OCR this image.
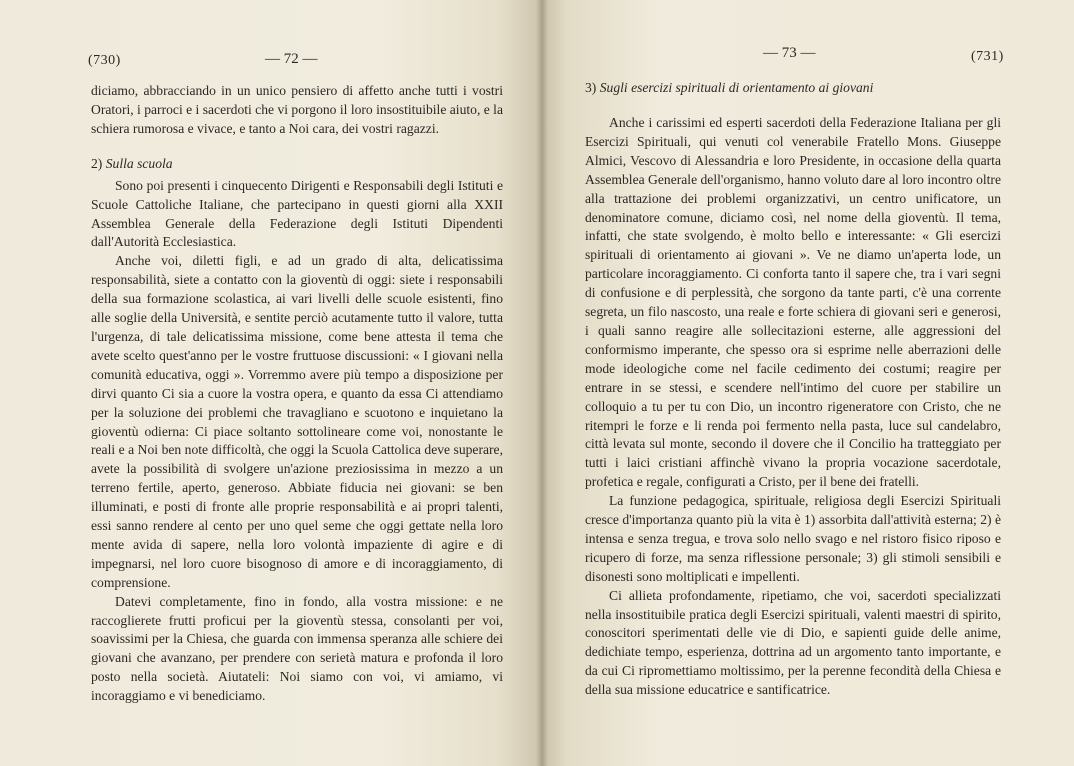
(730)	— 72 —

diciamo, abbracciando in un unico pensiero di affetto anche tutti i vostri Oratori, i parroci e i sacerdoti che vi porgono il loro insostituibile aiuto, e la schiera rumorosa e vivace, e tanto a Noi cara, dei vostri ragazzi.

2) Sulla scuola

Sono poi presenti i cinquecento Dirigenti e Responsabili degli Istituti e Scuole Cattoliche Italiane, che partecipano in questi giorni alla XXII Assemblea Generale della Federazione degli Istituti Dipendenti dall'Autorità Ecclesiastica.

Anche voi, diletti figli, e ad un grado di alta, delicatissima responsabilità, siete a contatto con la gioventù di oggi: siete i responsabili della sua formazione scolastica, ai vari livelli delle scuole esistenti, fino alle soglie della Università, e sentite perciò acutamente tutto il valore, tutta l'urgenza, di tale delicatissima missione, come bene attesta il tema che avete scelto quest'anno per le vostre fruttuose discussioni: « I giovani nella comunità educativa, oggi ». Vorremmo avere più tempo a disposizione per dirvi quanto Ci sia a cuore la vostra opera, e quanto da essa Ci attendiamo per la soluzione dei problemi che travagliano e scuotono e inquietano la gioventù odierna: Ci piace soltanto sottolineare come voi, nonostante le reali e a Noi ben note difficoltà, che oggi la Scuola Cattolica deve superare, avete la possibilità di svolgere un'azione preziosissima in mezzo a un terreno fertile, aperto, generoso. Abbiate fiducia nei giovani: se ben illuminati, e posti di fronte alle proprie responsabilità e ai propri talenti, essi sanno rendere al cento per uno quel seme che oggi gettate nella loro mente avida di sapere, nella loro volontà impaziente di agire e di impegnarsi, nel loro cuore bisognoso di amore e di incoraggiamento, di comprensione.

Datevi completamente, fino in fondo, alla vostra missione: e ne raccoglierete frutti proficui per la gioventù stessa, consolanti per voi, soavissimi per la Chiesa, che guarda con immensa speranza alle schiere dei giovani che avanzano, per prendere con serietà matura e profonda il loro posto nella società. Aiutateli: Noi siamo con voi, vi amiamo, vi incoraggiamo e vi benediciamo.

— 73 —	(731)

3) Sugli esercizi spirituali di orientamento ai giovani

Anche i carissimi ed esperti sacerdoti della Federazione Italiana per gli Esercizi Spirituali, qui venuti col venerabile Fratello Mons. Giuseppe Almici, Vescovo di Alessandria e loro Presidente, in occasione della quarta Assemblea Generale dell'organismo, hanno voluto dare al loro incontro oltre alla trattazione dei problemi organizzativi, un centro unificatore, un denominatore comune, diciamo così, nel nome della gioventù. Il tema, infatti, che state svolgendo, è molto bello e interessante: « Gli esercizi spirituali di orientamento ai giovani ». Ve ne diamo un'aperta lode, un particolare incoraggiamento. Ci conforta tanto il sapere che, tra i vari segni di confusione e di perplessità, che sorgono da tante parti, c'è una corrente segreta, un filo nascosto, una reale e forte schiera di giovani seri e generosi, i quali sanno reagire alle sollecitazioni esterne, alle aggressioni del conformismo imperante, che spesso ora si esprime nelle aberrazioni delle mode ideologiche come nel facile cedimento dei costumi; reagire per entrare in se stessi, e scendere nell'intimo del cuore per stabilire un colloquio a tu per tu con Dio, un incontro rigeneratore con Cristo, che ne ritempri le forze e li renda poi fermento nella pasta, luce sul candelabro, città levata sul monte, secondo il dovere che il Concilio ha tratteggiato per tutti i laici cristiani affinchè vivano la propria vocazione sacerdotale, profetica e regale, configurati a Cristo, per il bene dei fratelli.

La funzione pedagogica, spirituale, religiosa degli Esercizi Spirituali cresce d'importanza quanto più la vita è 1) assorbita dall'attività esterna; 2) è intensa e senza tregua, e trova solo nello svago e nel ristoro fisico riposo e ricupero di forze, ma senza riflessione personale; 3) gli stimoli sensibili e disonesti sono moltiplicati e impellenti.

Ci allieta profondamente, ripetiamo, che voi, sacerdoti specializzati nella insostituibile pratica degli Esercizi spirituali, valenti maestri di spirito, conoscitori sperimentati delle vie di Dio, e sapienti guide delle anime, dedichiate tempo, esperienza, dottrina ad un argomento tanto importante, e da cui Ci ripromettiamo moltissimo, per la perenne fecondità della Chiesa e della sua missione educatrice e santificatrice.
